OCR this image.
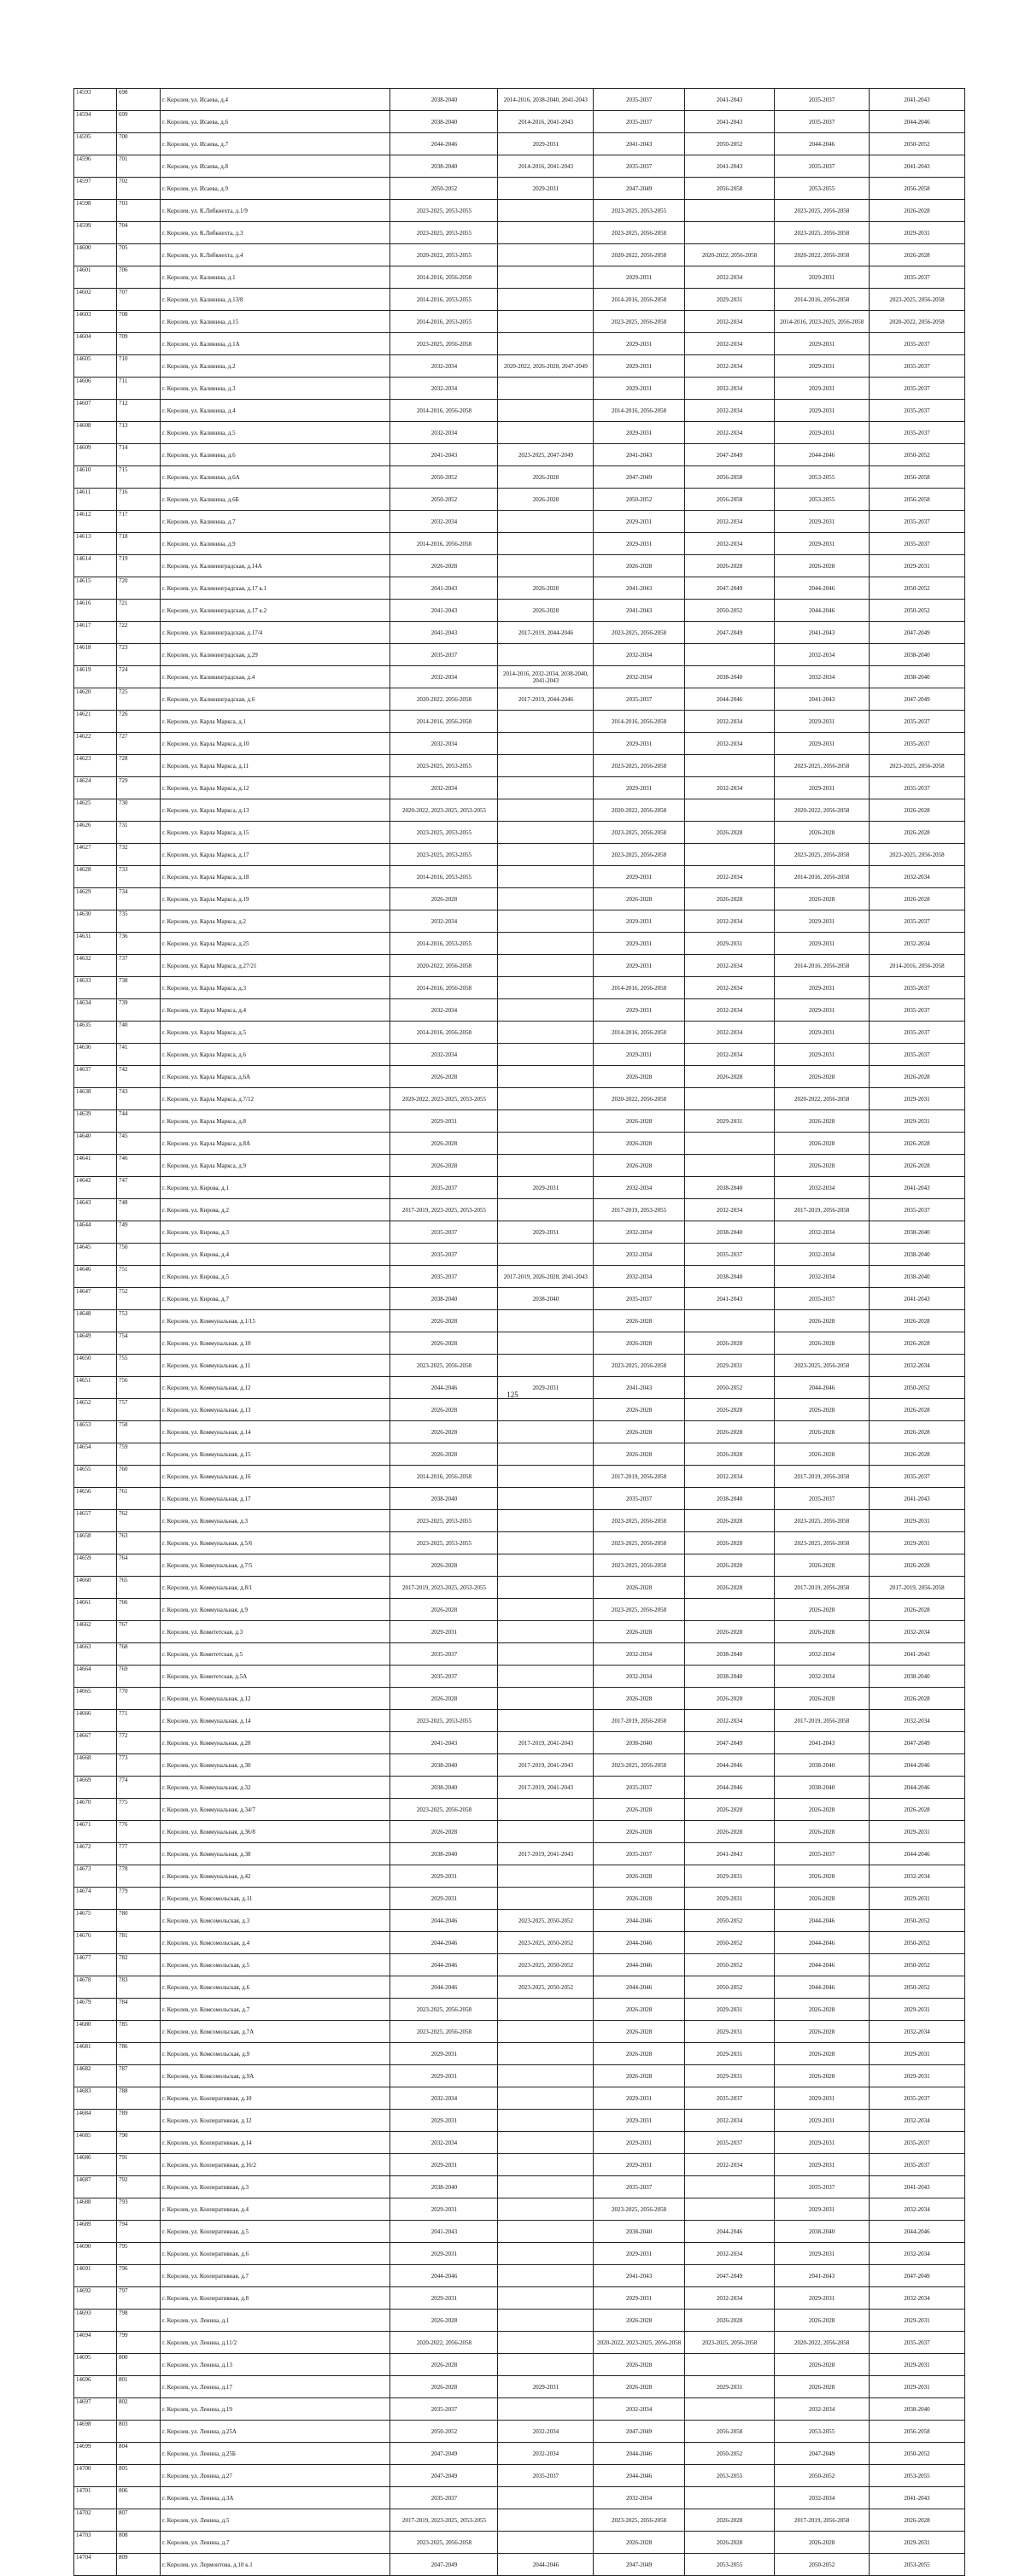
14593	698	г. Королев, ул. Исаева, д.4	2038-2040	2014-2016, 2038-2040, 2041-2043	2035-2037	2041-2043	2035-2037	2041-2043
14594	699	г. Королев, ул. Исаева, д.6	2038-2040	2014-2016, 2041-2043	2035-2037	2041-2043	2035-2037	2044-2046
14595	700	г. Королев, ул. Исаева, д.7	2044-2046	2029-2031	2041-2043	2050-2052	2044-2046	2050-2052
14596	701	г. Королев, ул. Исаева, д.8	2038-2040	2014-2016, 2041-2043	2035-2037	2041-2043	2035-2037	2041-2043
14597	702	г. Королев, ул. Исаева, д.9	2050-2052	2029-2031	2047-2049	2056-2058	2053-2055	2056-2058
14598	703	г. Королев, ул. К.Либкнехта, д.1/9	2023-2025, 2053-2055		2023-2025, 2053-2055		2023-2025, 2056-2058	2026-2028
14599	704	г. Королев, ул. К.Либкнехта, д.3	2023-2025, 2053-2055		2023-2025, 2056-2058		2023-2025, 2056-2058	2029-2031
14600	705	г. Королев, ул. К.Либкнехта, д.4	2020-2022, 2053-2055		2020-2022, 2056-2058	2020-2022, 2056-2058	2020-2022, 2056-2058	2026-2028
14601	706	г. Королев, ул. Калинина, д.1	2014-2016, 2056-2058		2029-2031	2032-2034	2029-2031	2035-2037
14602	707	г. Королев, ул. Калинина, д.13/8	2014-2016, 2053-2055		2014-2016, 2056-2058	2029-2031	2014-2016, 2056-2058	2023-2025, 2056-2058
14603	708	г. Королев, ул. Калинина, д.15	2014-2016, 2053-2055		2023-2025, 2056-2058	2032-2034	2014-2016, 2023-2025, 2056-2058	2020-2022, 2056-2058
14604	709	г. Королев, ул. Калинина, д.1А	2023-2025, 2056-2058		2029-2031	2032-2034	2029-2031	2035-2037
14605	710	г. Королев, ул. Калинина, д.2	2032-2034	2020-2022, 2026-2028, 2047-2049	2029-2031	2032-2034	2029-2031	2035-2037
14606	711	г. Королев, ул. Калинина, д.3	2032-2034		2029-2031	2032-2034	2029-2031	2035-2037
14607	712	г. Королев, ул. Калинина, д.4	2014-2016, 2056-2058		2014-2016, 2056-2058	2032-2034	2029-2031	2035-2037
14608	713	г. Королев, ул. Калинина, д.5	2032-2034		2029-2031	2032-2034	2029-2031	2035-2037
14609	714	г. Королев, ул. Калинина, д.6	2041-2043	2023-2025, 2047-2049	2041-2043	2047-2049	2044-2046	2050-2052
14610	715	г. Королев, ул. Калинина, д.6А	2050-2052	2026-2028	2047-2049	2056-2058	2053-2055	2056-2058
14611	716	г. Королев, ул. Калинина, д.6Б	2050-2052	2026-2028	2050-2052	2056-2058	2053-2055	2056-2058
14612	717	г. Королев, ул. Калинина, д.7	2032-2034		2029-2031	2032-2034	2029-2031	2035-2037
14613	718	г. Королев, ул. Калинина, д.9	2014-2016, 2056-2058		2029-2031	2032-2034	2029-2031	2035-2037
14614	719	г. Королев, ул. Калининградская, д.14А	2026-2028		2026-2028	2026-2028	2026-2028	2029-2031
14615	720	г. Королев, ул. Калининградская, д.17 к.1	2041-2043	2026-2028	2041-2043	2047-2049	2044-2046	2050-2052
14616	721	г. Королев, ул. Калининградская, д.17 к.2	2041-2043	2026-2028	2041-2043	2050-2052	2044-2046	2050-2052
14617	722	г. Королев, ул. Калининградская, д.17/4	2041-2043	2017-2019, 2044-2046	2023-2025, 2056-2058	2047-2049	2041-2043	2047-2049
14618	723	г. Королев, ул. Калининградская, д.29	2035-2037		2032-2034		2032-2034	2038-2040
14619	724	г. Королев, ул. Калининградская, д.4	2032-2034	2014-2016, 2032-2034, 2038-2040, 2041-2043	2032-2034	2038-2040	2032-2034	2038-2040
14620	725	г. Королев, ул. Калининградская, д.6	2020-2022, 2056-2058	2017-2019, 2044-2046	2035-2037	2044-2046	2041-2043	2047-2049
14621	726	г. Королев, ул. Карла Маркса, д.1	2014-2016, 2056-2058		2014-2016, 2056-2058	2032-2034	2029-2031	2035-2037
14622	727	г. Королев, ул. Карла Маркса, д.10	2032-2034		2029-2031	2032-2034	2029-2031	2035-2037
14623	728	г. Королев, ул. Карла Маркса, д.11	2023-2025, 2053-2055		2023-2025, 2056-2058		2023-2025, 2056-2058	2023-2025, 2056-2058
14624	729	г. Королев, ул. Карла Маркса, д.12	2032-2034		2029-2031	2032-2034	2029-2031	2035-2037
14625	730	г. Королев, ул. Карла Маркса, д.13	2020-2022, 2023-2025, 2053-2055		2020-2022, 2056-2058		2020-2022, 2056-2058	2026-2028
14626	731	г. Королев, ул. Карла Маркса, д.15	2023-2025, 2053-2055		2023-2025, 2056-2058	2026-2028	2026-2028	2026-2028
14627	732	г. Королев, ул. Карла Маркса, д.17	2023-2025, 2053-2055		2023-2025, 2056-2058		2023-2025, 2056-2058	2023-2025, 2056-2058
14628	733	г. Королев, ул. Карла Маркса, д.18	2014-2016, 2053-2055		2029-2031	2032-2034	2014-2016, 2056-2058	2032-2034
14629	734	г. Королев, ул. Карла Маркса, д.19	2026-2028		2026-2028	2026-2028	2026-2028	2026-2028
14630	735	г. Королев, ул. Карла Маркса, д.2	2032-2034		2029-2031	2032-2034	2029-2031	2035-2037
14631	736	г. Королев, ул. Карла Маркса, д.25	2014-2016, 2053-2055		2029-2031	2029-2031	2029-2031	2032-2034
14632	737	г. Королев, ул. Карла Маркса, д.27/21	2020-2022, 2056-2058		2029-2031	2032-2034	2014-2016, 2056-2058	2014-2016, 2056-2058
14633	738	г. Королев, ул. Карла Маркса, д.3	2014-2016, 2056-2058		2014-2016, 2056-2058	2032-2034	2029-2031	2035-2037
14634	739	г. Королев, ул. Карла Маркса, д.4	2032-2034		2029-2031	2032-2034	2029-2031	2035-2037
14635	740	г. Королев, ул. Карла Маркса, д.5	2014-2016, 2056-2058		2014-2016, 2056-2058	2032-2034	2029-2031	2035-2037
14636	741	г. Королев, ул. Карла Маркса, д.6	2032-2034		2029-2031	2032-2034	2029-2031	2035-2037
14637	742	г. Королев, ул. Карла Маркса, д.6А	2026-2028		2026-2028	2026-2028	2026-2028	2026-2028
14638	743	г. Королев, ул. Карла Маркса, д.7/12	2020-2022, 2023-2025, 2053-2055		2020-2022, 2056-2058		2020-2022, 2056-2058	2029-2031
14639	744	г. Королев, ул. Карла Маркса, д.8	2029-2031		2026-2028	2029-2031	2026-2028	2029-2031
14640	745	г. Королев, ул. Карла Маркса, д.8А	2026-2028		2026-2028		2026-2028	2026-2028
14641	746	г. Королев, ул. Карла Маркса, д.9	2026-2028		2026-2028		2026-2028	2026-2028
14642	747	г. Королев, ул. Кирова, д.1	2035-2037	2029-2031	2032-2034	2038-2040	2032-2034	2041-2043
14643	748	г. Королев, ул. Кирова, д.2	2017-2019, 2023-2025, 2053-2055		2017-2019, 2053-2055	2032-2034	2017-2019, 2056-2058	2035-2037
14644	749	г. Королев, ул. Кирова, д.3	2035-2037	2029-2031	2032-2034	2038-2040	2032-2034	2038-2040
14645	750	г. Королев, ул. Кирова, д.4	2035-2037		2032-2034	2035-2037	2032-2034	2038-2040
14646	751	г. Королев, ул. Кирова, д.5	2035-2037	2017-2019, 2026-2028, 2041-2043	2032-2034	2038-2040	2032-2034	2038-2040
14647	752	г. Королев, ул. Кирова, д.7	2038-2040	2038-2040	2035-2037	2041-2043	2035-2037	2041-2043
14648	753	г. Королев, ул. Коммунальная, д.1/15	2026-2028		2026-2028		2026-2028	2026-2028
14649	754	г. Королев, ул. Коммунальная, д.10	2026-2028		2026-2028	2026-2028	2026-2028	2026-2028
14650	755	г. Королев, ул. Коммунальная, д.11	2023-2025, 2056-2058		2023-2025, 2056-2058	2029-2031	2023-2025, 2056-2058	2032-2034
14651	756	г. Королев, ул. Коммунальная, д.12	2044-2046	2029-2031	2041-2043	2050-2052	2044-2046	2050-2052
14652	757	г. Королев, ул. Коммунальная, д.13	2026-2028		2026-2028	2026-2028	2026-2028	2026-2028
14653	758	г. Королев, ул. Коммунальная, д.14	2026-2028		2026-2028	2026-2028	2026-2028	2026-2028
14654	759	г. Королев, ул. Коммунальная, д.15	2026-2028		2026-2028	2026-2028	2026-2028	2026-2028
14655	760	г. Королев, ул. Коммунальная, д.16	2014-2016, 2056-2058		2017-2019, 2056-2058	2032-2034	2017-2019, 2056-2058	2035-2037
14656	761	г. Королев, ул. Коммунальная, д.17	2038-2040		2035-2037	2038-2040	2035-2037	2041-2043
14657	762	г. Королев, ул. Коммунальная, д.3	2023-2025, 2053-2055		2023-2025, 2056-2058	2026-2028	2023-2025, 2056-2058	2029-2031
14658	763	г. Королев, ул. Коммунальная, д.5/6	2023-2025, 2053-2055		2023-2025, 2056-2058	2026-2028	2023-2025, 2056-2058	2029-2031
14659	764	г. Королев, ул. Коммунальная, д.7/5	2026-2028		2023-2025, 2056-2058	2026-2028	2026-2028	2026-2028
14660	765	г. Королев, ул. Коммунальная, д.8/1	2017-2019, 2023-2025, 2053-2055		2026-2028	2026-2028	2017-2019, 2056-2058	2017-2019, 2056-2058
14661	766	г. Королев, ул. Коммунальная, д.9	2026-2028		2023-2025, 2056-2058		2026-2028	2026-2028
14662	767	г. Королев, ул. Комитетская, д.3	2029-2031		2026-2028	2026-2028	2026-2028	2032-2034
14663	768	г. Королев, ул. Комитетская, д.5	2035-2037		2032-2034	2038-2040	2032-2034	2041-2043
14664	769	г. Королев, ул. Комитетская, д.5А	2035-2037		2032-2034	2038-2040	2032-2034	2038-2040
14665	770	г. Королев, ул. Коммунальная, д.12	2026-2028		2026-2028	2026-2028	2026-2028	2026-2028
14666	771	г. Королев, ул. Коммунальная, д.14	2023-2025, 2053-2055		2017-2019, 2056-2058	2032-2034	2017-2019, 2056-2058	2032-2034
14667	772	г. Королев, ул. Коммунальная, д.28	2041-2043	2017-2019, 2041-2043	2038-2040	2047-2049	2041-2043	2047-2049
14668	773	г. Королев, ул. Коммунальная, д.30	2038-2040	2017-2019, 2041-2043	2023-2025, 2056-2058	2044-2046	2038-2040	2044-2046
14669	774	г. Королев, ул. Коммунальная, д.32	2038-2040	2017-2019, 2041-2043	2035-2037	2044-2046	2038-2040	2044-2046
14670	775	г. Королев, ул. Коммунальная, д.34/7	2023-2025, 2056-2058		2026-2028	2026-2028	2026-2028	2026-2028
14671	776	г. Королев, ул. Коммунальная, д.36/8	2026-2028		2026-2028	2026-2028	2026-2028	2029-2031
14672	777	г. Королев, ул. Коммунальная, д.38	2038-2040	2017-2019, 2041-2043	2035-2037	2041-2043	2035-2037	2044-2046
14673	778	г. Королев, ул. Коммунальная, д.42	2029-2031		2026-2028	2029-2031	2026-2028	2032-2034
14674	779	г. Королев, ул. Комсомольская, д.11	2029-2031		2026-2028	2029-2031	2026-2028	2029-2031
14675	780	г. Королев, ул. Комсомольская, д.3	2044-2046	2023-2025, 2050-2052	2044-2046	2050-2052	2044-2046	2050-2052
14676	781	г. Королев, ул. Комсомольская, д.4	2044-2046	2023-2025, 2050-2052	2044-2046	2050-2052	2044-2046	2050-2052
14677	782	г. Королев, ул. Комсомольская, д.5	2044-2046	2023-2025, 2050-2052	2044-2046	2050-2052	2044-2046	2050-2052
14678	783	г. Королев, ул. Комсомольская, д.6	2044-2046	2023-2025, 2050-2052	2044-2046	2050-2052	2044-2046	2050-2052
14679	784	г. Королев, ул. Комсомольская, д.7	2023-2025, 2056-2058		2026-2028	2029-2031	2026-2028	2029-2031
14680	785	г. Королев, ул. Комсомольская, д.7А	2023-2025, 2056-2058		2026-2028	2029-2031	2026-2028	2032-2034
14681	786	г. Королев, ул. Комсомольская, д.9	2029-2031		2026-2028	2029-2031	2026-2028	2029-2031
14682	787	г. Королев, ул. Комсомольская, д.9А	2029-2031		2026-2028	2029-2031	2026-2028	2029-2031
14683	788	г. Королев, ул. Кооперативная, д.10	2032-2034		2029-2031	2035-2037	2029-2031	2035-2037
14684	789	г. Королев, ул. Кооперативная, д.12	2029-2031		2029-2031	2032-2034	2029-2031	2032-2034
14685	790	г. Королев, ул. Кооперативная, д.14	2032-2034		2029-2031	2035-2037	2029-2031	2035-2037
14686	791	г. Королев, ул. Кооперативная, д.16/2	2029-2031		2029-2031	2032-2034	2029-2031	2035-2037
14687	792	г. Королев, ул. Кооперативная, д.3	2038-2040		2035-2037		2035-2037	2041-2043
14688	793	г. Королев, ул. Кооперативная, д.4	2029-2031		2023-2025, 2056-2058		2029-2031	2032-2034
14689	794	г. Королев, ул. Кооперативная, д.5	2041-2043		2038-2040	2044-2046	2038-2040	2044-2046
14690	795	г. Королев, ул. Кооперативная, д.6	2029-2031		2029-2031	2032-2034	2029-2031	2032-2034
14691	796	г. Королев, ул. Кооперативная, д.7	2044-2046		2041-2043	2047-2049	2041-2043	2047-2049
14692	797	г. Королев, ул. Кооперативная, д.8	2029-2031		2029-2031	2032-2034	2029-2031	2032-2034
14693	798	г. Королев, ул. Ленина, д.1	2026-2028		2026-2028	2026-2028	2026-2028	2029-2031
14694	799	г. Королев, ул. Ленина, д.11/2	2020-2022, 2056-2058		2020-2022, 2023-2025, 2056-2058	2023-2025, 2056-2058	2020-2022, 2056-2058	2035-2037
14695	800	г. Королев, ул. Ленина, д.13	2026-2028		2026-2028		2026-2028	2029-2031
14696	801	г. Королев, ул. Ленина, д.17	2026-2028	2029-2031	2026-2028	2029-2031	2026-2028	2029-2031
14697	802	г. Королев, ул. Ленина, д.19	2035-2037		2032-2034		2032-2034	2038-2040
14698	803	г. Королев, ул. Ленина, д.25А	2050-2052	2032-2034	2047-2049	2056-2058	2053-2055	2056-2058
14699	804	г. Королев, ул. Ленина, д.25Б	2047-2049	2032-2034	2044-2046	2050-2052	2047-2049	2050-2052
14700	805	г. Королев, ул. Ленина, д.27	2047-2049	2035-2037	2044-2046	2053-2055	2050-2052	2053-2055
14701	806	г. Королев, ул. Ленина, д.3А	2035-2037		2032-2034		2032-2034	2041-2043
14702	807	г. Королев, ул. Ленина, д.5	2017-2019, 2023-2025, 2053-2055		2023-2025, 2056-2058	2026-2028	2017-2019, 2056-2058	2026-2028
14703	808	г. Королев, ул. Ленина, д.7	2023-2025, 2056-2058		2026-2028	2026-2028	2026-2028	2029-2031
14704	809	г. Королев, ул. Лермонтова, д.10 к.1	2047-2049	2044-2046	2047-2049	2053-2055	2050-2052	2053-2055
125
